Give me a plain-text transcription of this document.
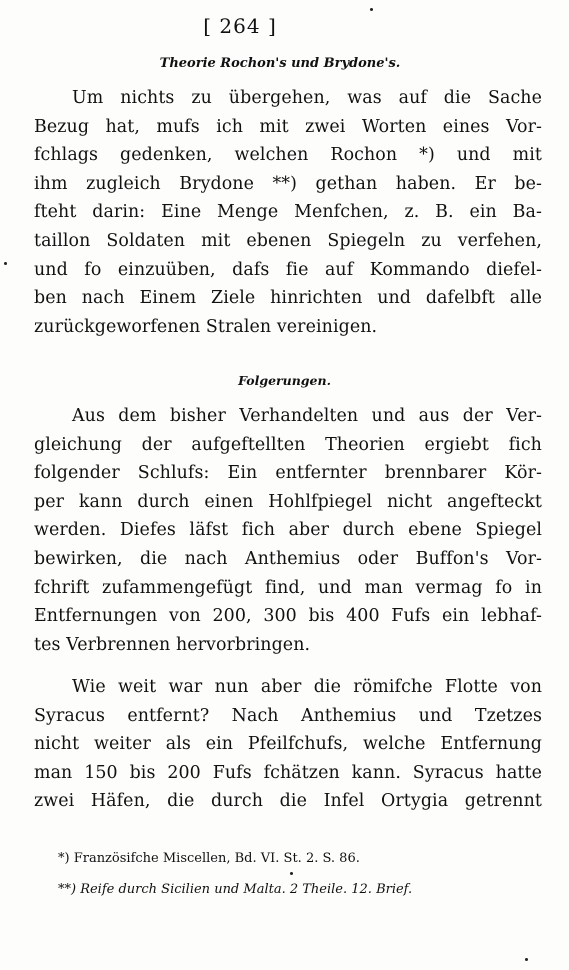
[ 264 ]
Theorie Rochon's und Brydone's.

Um nichts zu übergehen, was auf die Sache

Bezug hat, mufs ich mit zwei Worten eines Vor-

fchlags gedenken, welchen Rochon *) und mit

ihm zugleich Brydone **) gethan haben. Er be-

fteht darin: Eine Menge Menfchen, z. B. ein Ba-

taillon Soldaten mit ebenen Spiegeln zu verfehen,

und fo einzuüben, dafs fie auf Kommando diefel-

ben nach Einem Ziele hinrichten und dafelbft alle

zurückgeworfenen Stralen vereinigen.

Folgerungen.

Aus dem bisher Verhandelten und aus der Ver-

gleichung der aufgeftellten Theorien ergiebt fich

folgender Schlufs: Ein entfernter brennbarer Kör-

per kann durch einen Hohlfpiegel nicht angefteckt

werden. Diefes läfst fich aber durch ebene Spiegel

bewirken, die nach Anthemius oder Buffon's Vor-

fchrift zufammengefügt find, und man vermag fo in

Entfernungen von 200, 300 bis 400 Fufs ein lebhaf-

tes Verbrennen hervorbringen.

Wie weit war nun aber die römifche Flotte von

Syracus entfernt? Nach Anthemius und Tzetzes

nicht weiter als ein Pfeilfchufs, welche Entfernung

man 150 bis 200 Fufs fchätzen kann. Syracus hatte

zwei Häfen, die durch die Infel Ortygia getrennt

*) Französifche Miscellen, Bd. VI. St. 2. S. 86.
**) Reife durch Sicilien und Malta. 2 Theile. 12. Brief.
